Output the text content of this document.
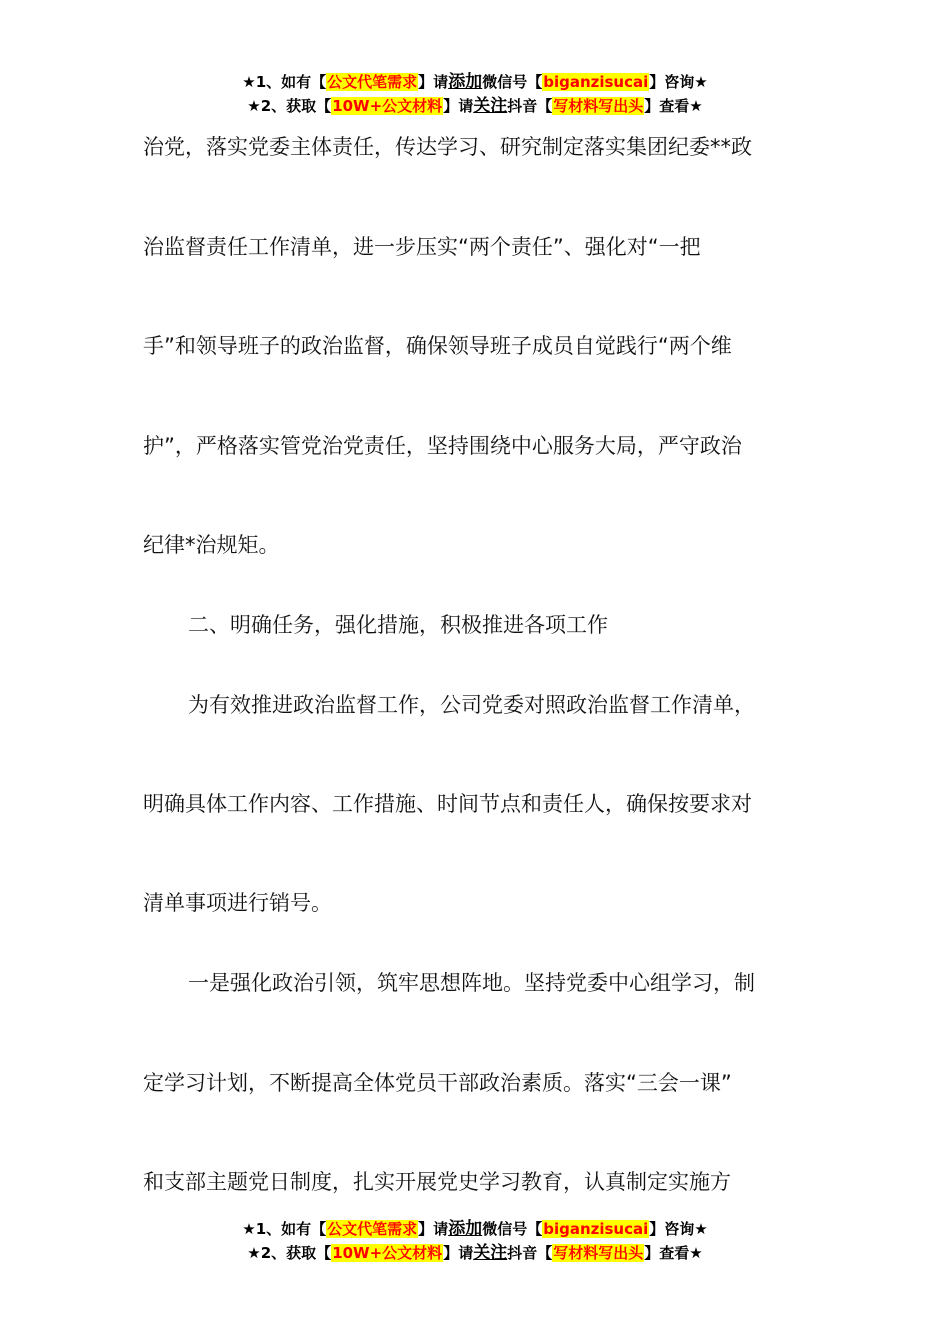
★1、如有【公文代笔需求】请添加微信号【biganzisucai】咨询★
★2、获取【10W+公文材料】请关注抖音【写材料写出头】查看★
治党，落实党委主体责任，传达学习、研究制定落实集团纪委**政
治监督责任工作清单，进一步压实“两个责任”、强化对“一把
手”和领导班子的政治监督，确保领导班子成员自觉践行“两个维
护”，严格落实管党治党责任，坚持围绕中心服务大局，严守政治
纪律*治规矩。
二、明确任务，强化措施，积极推进各项工作
为有效推进政治监督工作，公司党委对照政治监督工作清单，
明确具体工作内容、工作措施、时间节点和责任人，确保按要求对
清单事项进行销号。
一是强化政治引领，筑牢思想阵地。坚持党委中心组学习，制
定学习计划，不断提高全体党员干部政治素质。落实“三会一课”
和支部主题党日制度，扎实开展党史学习教育，认真制定实施方
★1、如有【公文代笔需求】请添加微信号【biganzisucai】咨询★
★2、获取【10W+公文材料】请关注抖音【写材料写出头】查看★
